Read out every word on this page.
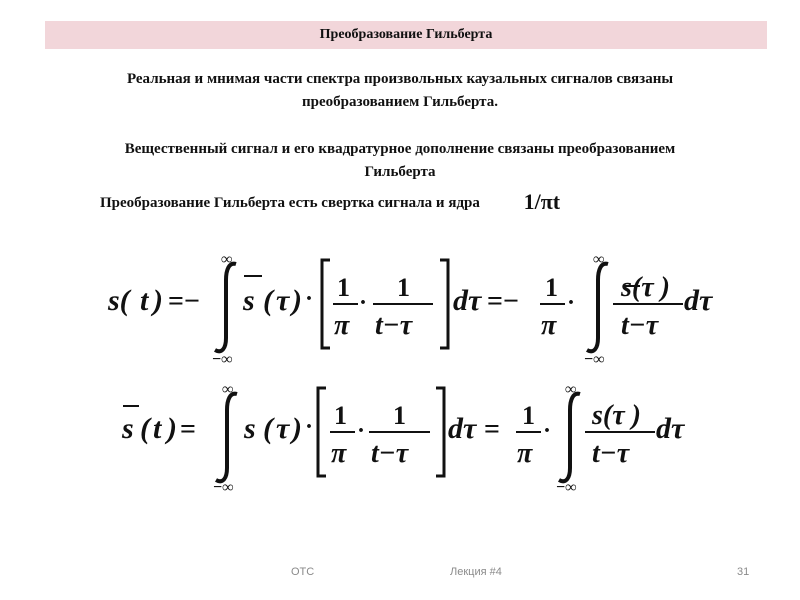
Преобразование Гильберта
Реальная и мнимая части спектра произвольных каузальных сигналов связаны
преобразованием Гильберта.
Вещественный сигнал и его квадратурное дополнение связаны преобразованием
Гильберта
Преобразование Гильберта есть свертка сигнала и ядра 1/πt
s( t ) =−
∞
−∞
s ( τ ) · 1
π
·
1
t−τ
dτ =− 1
π
·
∞
−∞
s(τ )
t−τ
dτ
s ( t ) =
∞
−∞
s ( τ ) · 1
π
·
1
t−τ
dτ = 1
π
·
∞
−∞
s(τ )
t−τ
dτ
ОТС	Лекция #4	31
